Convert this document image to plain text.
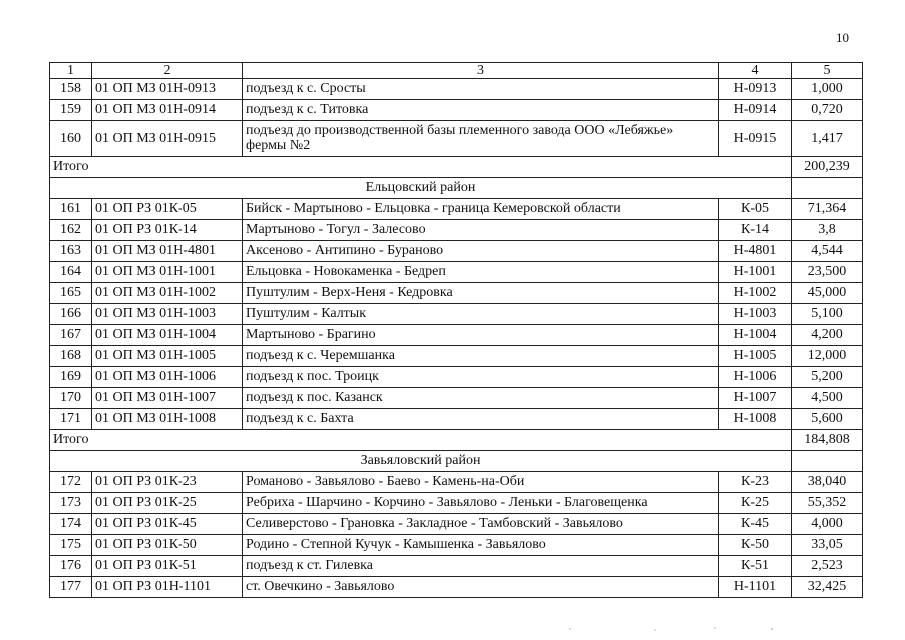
10
1	2	3	4	5
158	01 ОП МЗ 01Н-0913	подъезд к с. Сросты	Н-0913	1,000
159	01 ОП МЗ 01Н-0914	подъезд к с. Титовка	Н-0914	0,720
160	01 ОП МЗ 01Н-0915	подъезд до производственной базы племенного завода ООО «Лебяжье» фермы №2	Н-0915	1,417
Итого				200,239
Ельцовский район				
161	01 ОП РЗ 01К-05	Бийск - Мартыново - Ельцовка - граница Кемеровской области	К-05	71,364
162	01 ОП РЗ 01К-14	Мартыново - Тогул - Залесово	К-14	3,8
163	01 ОП МЗ 01Н-4801	Аксеново - Антипино - Бураново	Н-4801	4,544
164	01 ОП МЗ 01Н-1001	Ельцовка - Новокаменка - Бедреп	Н-1001	23,500
165	01 ОП МЗ 01Н-1002	Пуштулим - Верх-Неня - Кедровка	Н-1002	45,000
166	01 ОП МЗ 01Н-1003	Пуштулим - Калтык	Н-1003	5,100
167	01 ОП МЗ 01Н-1004	Мартыново - Брагино	Н-1004	4,200
168	01 ОП МЗ 01Н-1005	подъезд к с. Черемшанка	Н-1005	12,000
169	01 ОП МЗ 01Н-1006	подъезд к пос. Троицк	Н-1006	5,200
170	01 ОП МЗ 01Н-1007	подъезд к пос. Казанск	Н-1007	4,500
171	01 ОП МЗ 01Н-1008	подъезд к с. Бахта	Н-1008	5,600
Итого				184,808
Завьяловский район				
172	01 ОП РЗ 01К-23	Романово - Завьялово - Баево - Камень-на-Оби	К-23	38,040
173	01 ОП РЗ 01К-25	Ребриха - Шарчино - Корчино - Завьялово - Леньки - Благовещенка	К-25	55,352
174	01 ОП РЗ 01К-45	Селиверстово - Грановка - Закладное - Тамбовский - Завьялово	К-45	4,000
175	01 ОП РЗ 01К-50	Родино - Степной Кучук - Камышенка - Завьялово	К-50	33,05
176	01 ОП РЗ 01К-51	подъезд к ст. Гилевка	К-51	2,523
177	01 ОП РЗ 01Н-1101	ст. Овечкино - Завьялово	Н-1101	32,425
